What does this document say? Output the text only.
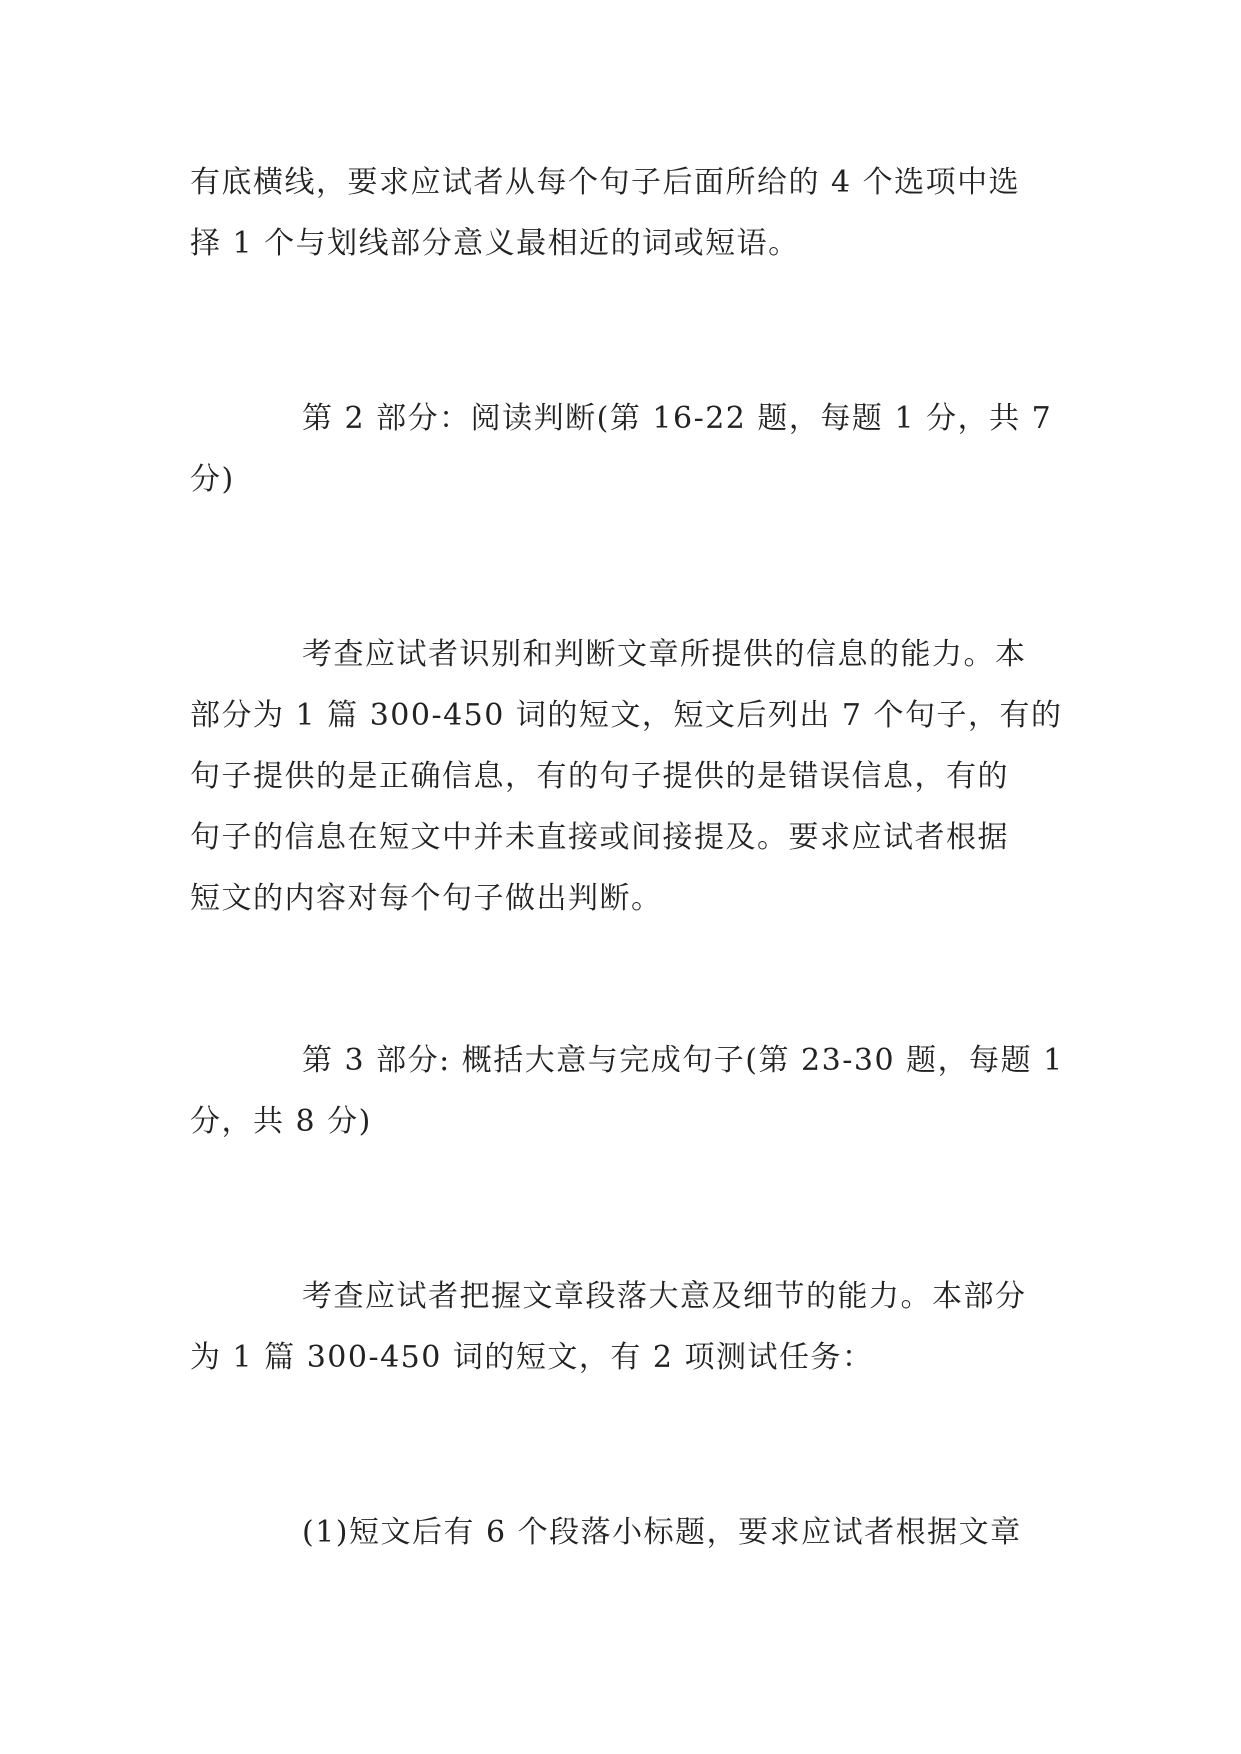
有底横线，要求应试者从每个句子后面所给的 4 个选项中选
择 1 个与划线部分意义最相近的词或短语。
第 2 部分：阅读判断(第 16-22 题，每题 1 分，共 7
分)
考查应试者识别和判断文章所提供的信息的能力。本
部分为 1 篇 300-450 词的短文，短文后列出 7 个句子，有的
句子提供的是正确信息，有的句子提供的是错误信息，有的
句子的信息在短文中并未直接或间接提及。要求应试者根据
短文的内容对每个句子做出判断。
第 3 部分: 概括大意与完成句子(第 23-30 题，每题 1
分，共 8 分)
考查应试者把握文章段落大意及细节的能力。本部分
为 1 篇 300-450 词的短文，有 2 项测试任务：
(1)短文后有 6 个段落小标题，要求应试者根据文章
